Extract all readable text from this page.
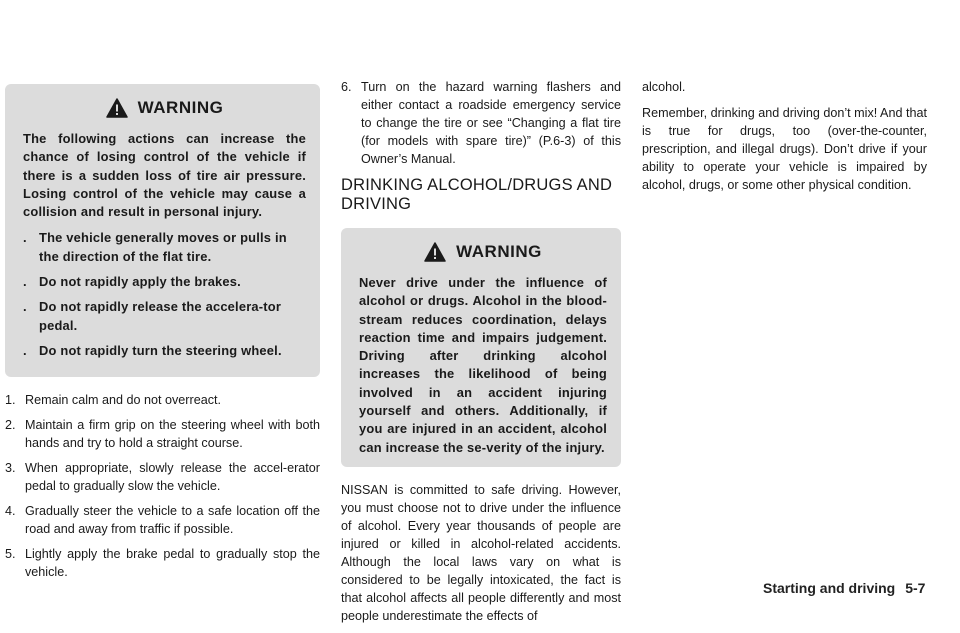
WARNING

The following actions can increase the chance of losing control of the vehicle if there is a sudden loss of tire air pressure. Losing control of the vehicle may cause a collision and result in personal injury.

. The vehicle generally moves or pulls in the direction of the flat tire.
. Do not rapidly apply the brakes.
. Do not rapidly release the accelera-tor pedal.
. Do not rapidly turn the steering wheel.
1. Remain calm and do not overreact.
2. Maintain a firm grip on the steering wheel with both hands and try to hold a straight course.
3. When appropriate, slowly release the accel-erator pedal to gradually slow the vehicle.
4. Gradually steer the vehicle to a safe location off the road and away from traffic if possible.
5. Lightly apply the brake pedal to gradually stop the vehicle.
6. Turn on the hazard warning flashers and either contact a roadside emergency service to change the tire or see “Changing a flat tire (for models with spare tire)” (P.6-3) of this Owner’s Manual.
DRINKING ALCOHOL/DRUGS AND DRIVING
WARNING

Never drive under the influence of alcohol or drugs. Alcohol in the blood-stream reduces coordination, delays reaction time and impairs judgement. Driving after drinking alcohol increases the likelihood of being involved in an accident injuring yourself and others. Additionally, if you are injured in an accident, alcohol can increase the se-verity of the injury.

NISSAN is committed to safe driving. However, you must choose not to drive under the influence of alcohol. Every year thousands of people are injured or killed in alcohol-related accidents. Although the local laws vary on what is considered to be legally intoxicated, the fact is that alcohol affects all people differently and most people underestimate the effects of

alcohol.

Remember, drinking and driving don’t mix! And that is true for drugs, too (over-the-counter, prescription, and illegal drugs). Don’t drive if your ability to operate your vehicle is impaired by alcohol, drugs, or some other physical condition.

Starting and driving 5-7
